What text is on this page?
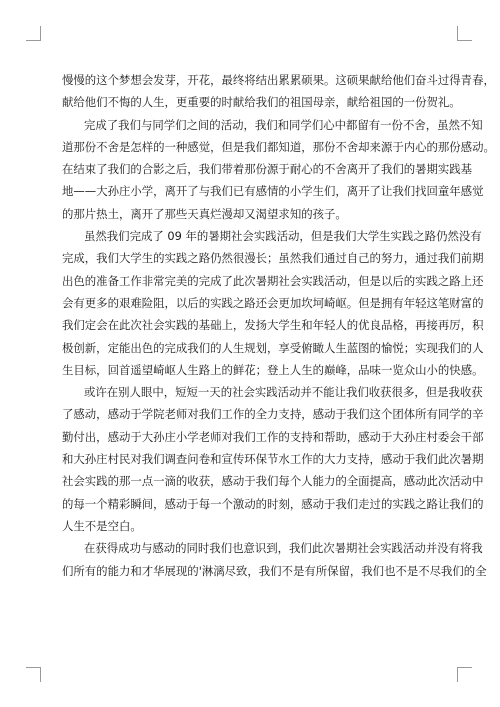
慢慢的这个梦想会发芽，开花，最终将结出累累硕果。这硕果献给他们奋斗过得青春，
献给他们不悔的人生，更重要的时献给我们的祖国母亲，献给祖国的一份贺礼。
完成了我们与同学们之间的活动，我们和同学们心中都留有一份不舍，虽然不知
道那份不舍是怎样的一种感觉，但是我们都知道，那份不舍却来源于内心的那份感动。
在结束了我们的合影之后，我们带着那份源于耐心的不舍离开了我们的暑期实践基
地——大孙庄小学，离开了与我们已有感情的小学生们，离开了让我们找回童年感觉
的那片热土，离开了那些天真烂漫却又渴望求知的孩子。
虽然我们完成了 09 年的暑期社会实践活动，但是我们大学生实践之路仍然没有
完成，我们大学生的实践之路仍然很漫长；虽然我们通过自己的努力，通过我们前期
出色的准备工作非常完美的完成了此次暑期社会实践活动，但是以后的实践之路上还
会有更多的艰难险阻，以后的实践之路还会更加坎坷崎岖。但是拥有年轻这笔财富的
我们定会在此次社会实践的基础上，发扬大学生和年轻人的优良品格，再接再厉，积
极创新，定能出色的完成我们的人生规划，享受俯瞰人生蓝图的愉悦；实现我们的人
生目标，回首遥望崎岖人生路上的鲜花；登上人生的巅峰，品味一览众山小的快感。
或许在别人眼中，短短一天的社会实践活动并不能让我们收获很多，但是我收获
了感动，感动于学院老师对我们工作的全力支持，感动于我们这个团体所有同学的辛
勤付出，感动于大孙庄小学老师对我们工作的支持和帮助，感动于大孙庄村委会干部
和大孙庄村民对我们调查问卷和宣传环保节水工作的大力支持，感动于我们此次暑期
社会实践的那一点一滴的收获，感动于我们每个人能力的全面提高，感动此次活动中
的每一个精彩瞬间，感动于每一个激动的时刻，感动于我们走过的实践之路让我们的
人生不是空白。
在获得成功与感动的同时我们也意识到，我们此次暑期社会实践活动并没有将我
们所有的能力和才华展现的'淋漓尽致，我们不是有所保留，我们也不是不尽我们的全
